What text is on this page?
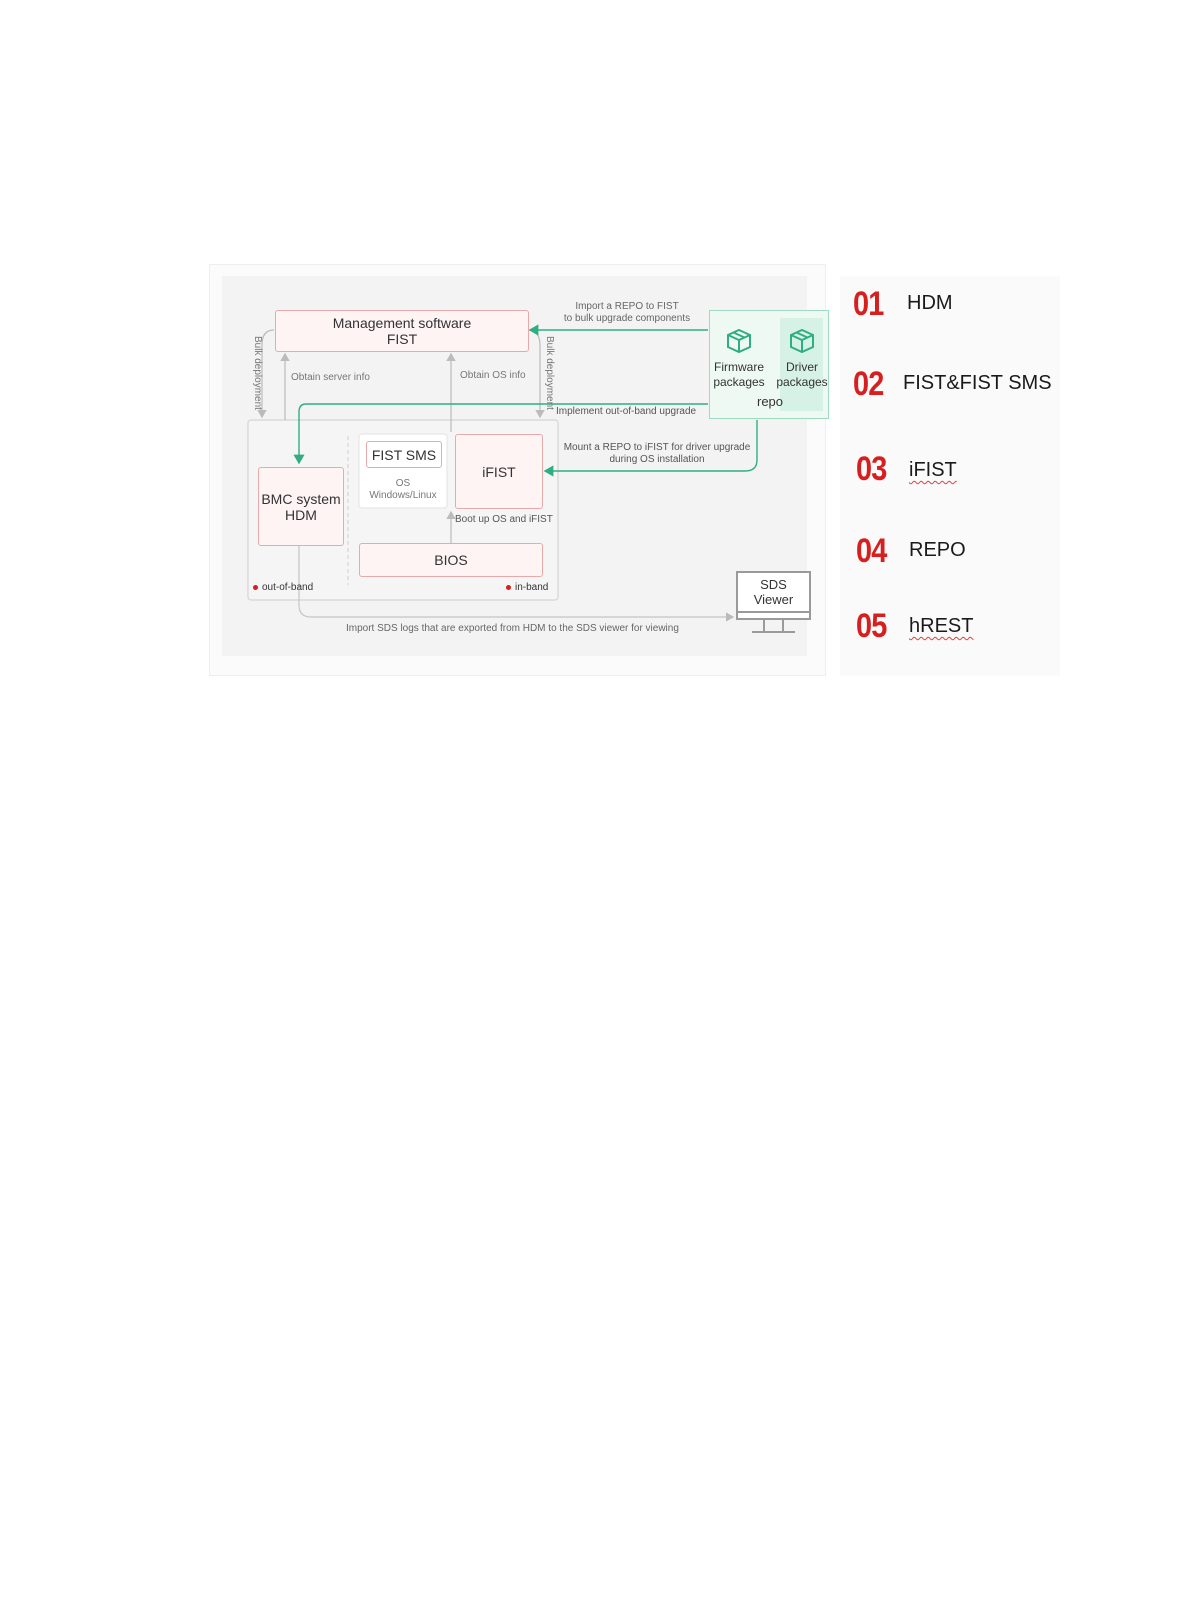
Firmware
packages
Driver
packages
repo
Management software
FIST
BMC system
HDM
FIST SMS
OS
Windows/Linux
iFIST
BIOS
Import a REPO to FIST
to bulk upgrade components
Bulk deployment	Bulk deployment
Obtain server info	Obtain OS info
Implement out-of-band upgrade
Mount a REPO to iFIST for driver upgrade
during OS installation
Boot up OS and iFIST
out-of-band	in-band
Import SDS logs that are exported from HDM to the SDS viewer for viewing
SDS
Viewer
01 HDM
02 FIST&FIST SMS
03 iFIST
04 REPO
05 hREST
